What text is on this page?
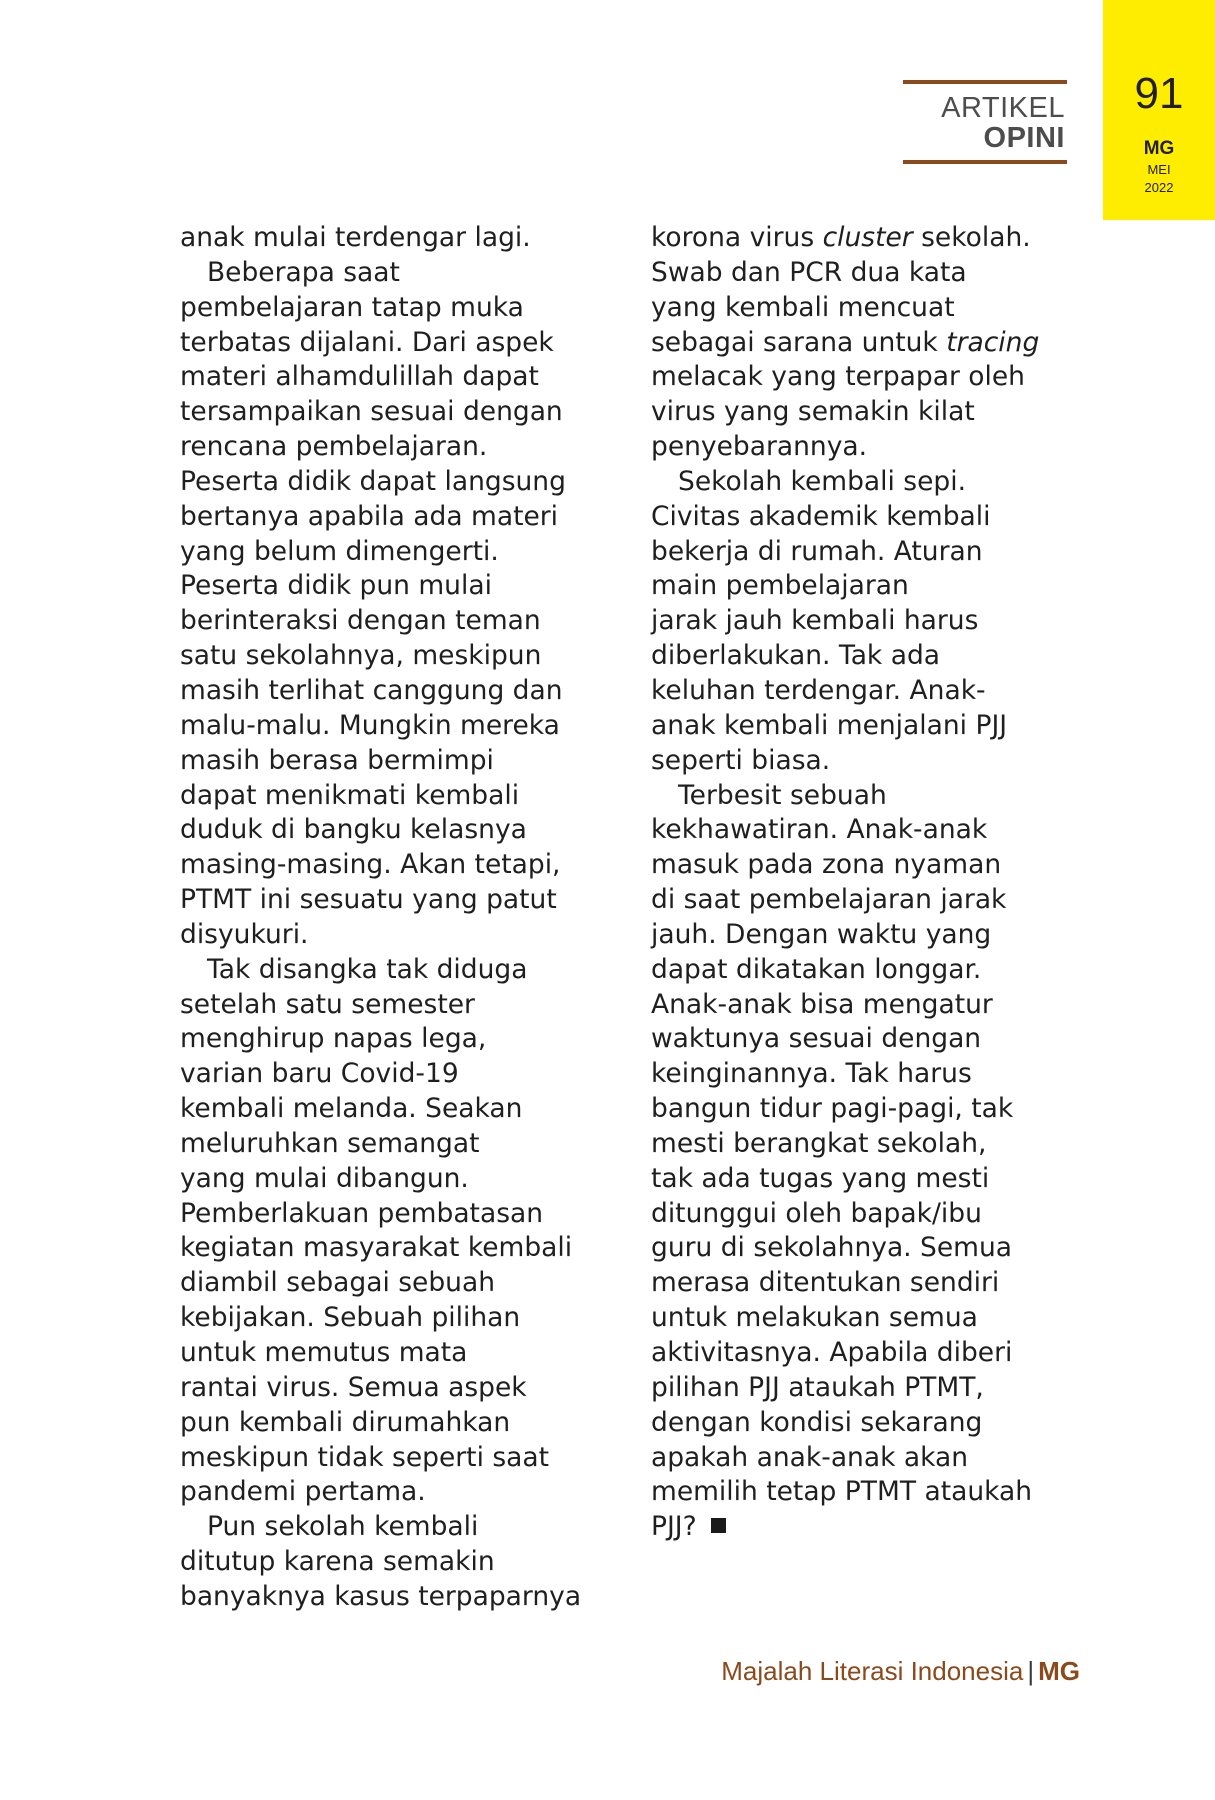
91
MG
MEI
2022
ARTIKEL
OPINI
anak mulai terdengar lagi.
Beberapa saat
pembelajaran tatap muka
terbatas dijalani. Dari aspek
materi alhamdulillah dapat
tersampaikan sesuai dengan
rencana pembelajaran.
Peserta didik dapat langsung
bertanya apabila ada materi
yang belum dimengerti.
Peserta didik pun mulai
berinteraksi dengan teman
satu sekolahnya, meskipun
masih terlihat canggung dan
malu-malu. Mungkin mereka
masih berasa bermimpi
dapat menikmati kembali
duduk di bangku kelasnya
masing-masing. Akan tetapi,
PTMT ini sesuatu yang patut
disyukuri.
Tak disangka tak diduga
setelah satu semester
menghirup napas lega,
varian baru Covid-19
kembali melanda. Seakan
meluruhkan semangat
yang mulai dibangun.
Pemberlakuan pembatasan
kegiatan masyarakat kembali
diambil sebagai sebuah
kebijakan. Sebuah pilihan
untuk memutus mata
rantai virus. Semua aspek
pun kembali dirumahkan
meskipun tidak seperti saat
pandemi pertama.
Pun sekolah kembali
ditutup karena semakin
banyaknya kasus terpaparnya
korona virus cluster sekolah.
Swab dan PCR dua kata
yang kembali mencuat
sebagai sarana untuk tracing
melacak yang terpapar oleh
virus yang semakin kilat
penyebarannya.
Sekolah kembali sepi.
Civitas akademik kembali
bekerja di rumah. Aturan
main pembelajaran
jarak jauh kembali harus
diberlakukan. Tak ada
keluhan terdengar. Anak-
anak kembali menjalani PJJ
seperti biasa.
Terbesit sebuah
kekhawatiran. Anak-anak
masuk pada zona nyaman
di saat pembelajaran jarak
jauh. Dengan waktu yang
dapat dikatakan longgar.
Anak-anak bisa mengatur
waktunya sesuai dengan
keinginannya. Tak harus
bangun tidur pagi-pagi, tak
mesti berangkat sekolah,
tak ada tugas yang mesti
ditunggui oleh bapak/ibu
guru di sekolahnya. Semua
merasa ditentukan sendiri
untuk melakukan semua
aktivitasnya. Apabila diberi
pilihan PJJ ataukah PTMT,
dengan kondisi sekarang
apakah anak-anak akan
memilih tetap PTMT ataukah
PJJ?
Majalah Literasi Indonesia | MG
